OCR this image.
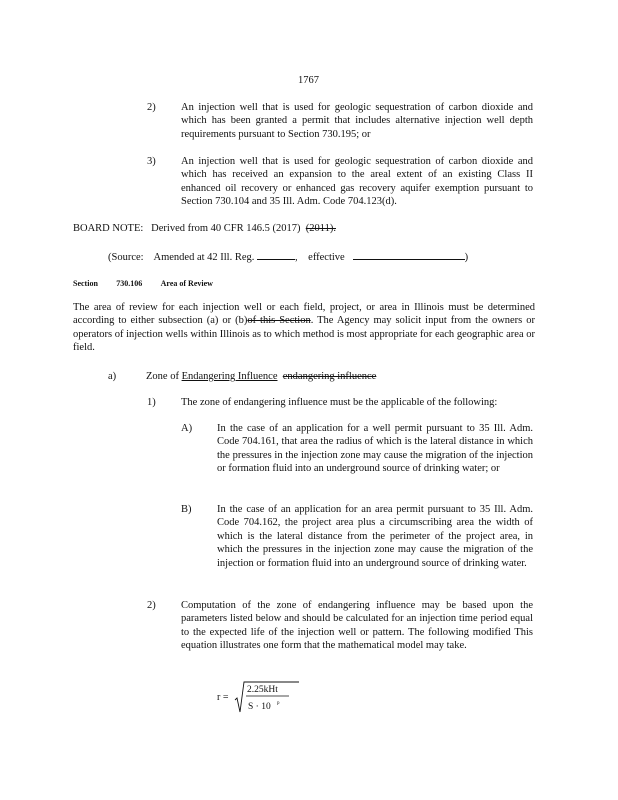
1767
2) An injection well that is used for geologic sequestration of carbon dioxide and which has been granted a permit that includes alternative injection well depth requirements pursuant to Section 730.195; or
3) An injection well that is used for geologic sequestration of carbon dioxide and which has received an expansion to the areal extent of an existing Class II enhanced oil recovery or enhanced gas recovery aquifer exemption pursuant to Section 730.104 and 35 Ill. Adm. Code 704.123(d).
BOARD NOTE: Derived from 40 CFR 146.5 (2017) (2011).
(Source: Amended at 42 Ill. Reg.	, effective	)
Section 730.106 Area of Review
The area of review for each injection well or each field, project, or area in Illinois must be determined according to either subsection (a) or (b)of this Section. The Agency may solicit input from the owners or operators of injection wells within Illinois as to which method is most appropriate for each geographic area or field.
a)	Zone of Endangering Influence endangering influence
1) The zone of endangering influence must be the applicable of the following:
A) In the case of an application for a well permit pursuant to 35 Ill. Adm. Code 704.161, that area the radius of which is the lateral distance in which the pressures in the injection zone may cause the migration of the injection or formation fluid into an underground source of drinking water; or
B) In the case of an application for an area permit pursuant to 35 Ill. Adm. Code 704.162, the project area plus a circumscribing area the width of which is the lateral distance from the perimeter of the project area, in which the pressures in the injection zone may cause the migration of the injection or formation fluid into an underground source of drinking water.
2) Computation of the zone of endangering influence may be based upon the parameters listed below and should be calculated for an injection time period equal to the expected life of the injection well or pattern. The following modified This equation illustrates one form that the mathematical model may take.
r =
2.25kHt
S · 10 p
